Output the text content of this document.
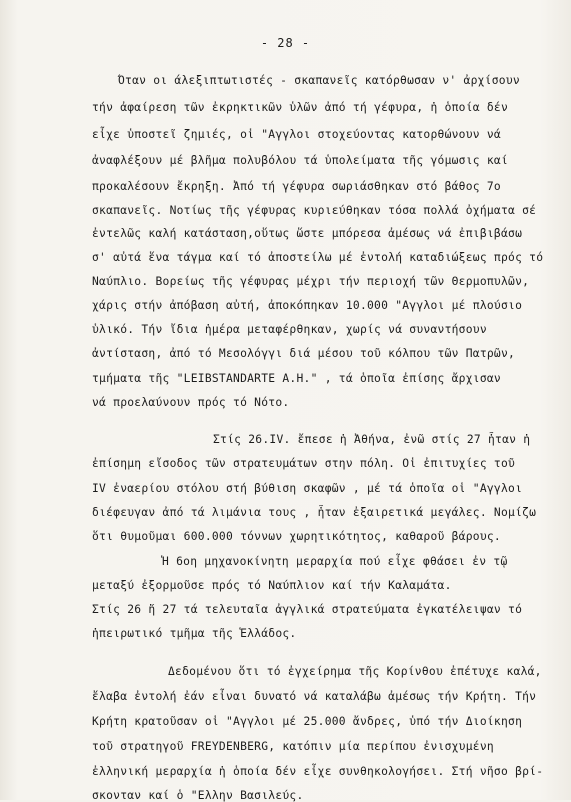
- 28 -
Όταν οι άλεξιπτωτιστές - σκαπανεῖς κατόρθωσαν ν' ἀρχίσουν
τήν ἀφαίρεση τῶν ἐκρηκτικῶν ὑλῶν ἀπό τή γέφυρα, ἡ ὁποία δέν
εἶχε ὑποστεῖ ζημιές, οἱ "Αγγλοι στοχεύοντας κατορθώνουν νά
ἀναφλέξουν μέ βλῆμα πολυβόλου τά ὑπολείματα τῆς γόμωσις καί
προκαλέσουν ἔκρηξη. Ἀπό τή γέφυρα σωριάσθηκαν στό βάθος 7ο
σκαπανεῖς. Νοτίως τῆς γέφυρας κυριεύθηκαν τόσα πολλά ὀχήματα σέ
ἐντελῶς καλή κατάσταση,οὕτως ὥστε μπόρεσα ἀμέσως νά ἐπιβιβάσω
σ' αὐτά ἕνα τάγμα καί τό ἀποστείλω μέ ἐντολή καταδιώξεως πρός τό
Ναύπλιο. Βορείως τῆς γέφυρας μέχρι τήν περιοχή τῶν Θερμοπυλῶν,
χάρις στήν ἀπόβαση αὐτή, ἀποκόπηκαν 10.000 "Αγγλοι μέ πλούσιο
ὑλικό. Τήν ἴδια ἡμέρα μεταφέρθηκαν, χωρίς νά συναντήσουν
ἀντίσταση, ἀπό τό Μεσολόγγι διά μέσου τοῦ κόλπου τῶν Πατρῶν,
τμήματα τῆς "LEIBSTANDARTE A.H." , τά ὁποῖα ἐπίσης ἄρχισαν
νά προελαύνουν πρός τό Νότο.
Στίς 26.IV. ἔπεσε ἡ Ἀθήνα, ἐνῶ στίς 27 ἦταν ἡ
ἐπίσημη εἴσοδος τῶν στρατευμάτων στην πόλη. Οἱ ἐπιτυχίες τοῦ
IV ἐναερίου στόλου στή βύθιση σκαφῶν , μέ τά ὁποῖα οἱ "Αγγλοι
διέφευγαν ἀπό τά λιμάνια τους , ἦταν ἐξαιρετικά μεγάλες. Νομίζω
ὅτι θυμοῦμαι 600.000 τόννων χωρητικότητος, καθαροῦ βάρους.
Ἡ 6οη μηχανοκίνητη μεραρχία πού εἶχε φθάσει ἐν τῷ
μεταξύ ἐξορμοῦσε πρός τό Ναύπλιον καί τήν Καλαμάτα.
Στίς 26 ἤ 27 τά τελευταῖα ἀγγλικά στρατεύματα ἐγκατέλειψαν τό
ἠπειρωτικό τμῆμα τῆς Ἑλλάδος.
Δεδομένου ὅτι τό ἐγχείρημα τῆς Κορίνθου ἐπέτυχε καλά,
ἔλαβα ἐντολή ἐάν εἶναι δυνατό νά καταλάβω ἀμέσως τήν Κρήτη. Τήν
Κρήτη κρατοῦσαν οἱ "Αγγλοι μέ 25.000 ἄνδρες, ὑπό τήν Διοίκηση
τοῦ στρατηγοῦ FREYDENBERG, κατόπιν μία περίπου ἐνισχυμένη
ἐλληνική μεραρχία ἡ ὁποία δέν εἶχε συνθηκολογήσει. Στή νῆσο βρί-
σκονταν καί ὁ "Ελλην Βασιλεύς.
